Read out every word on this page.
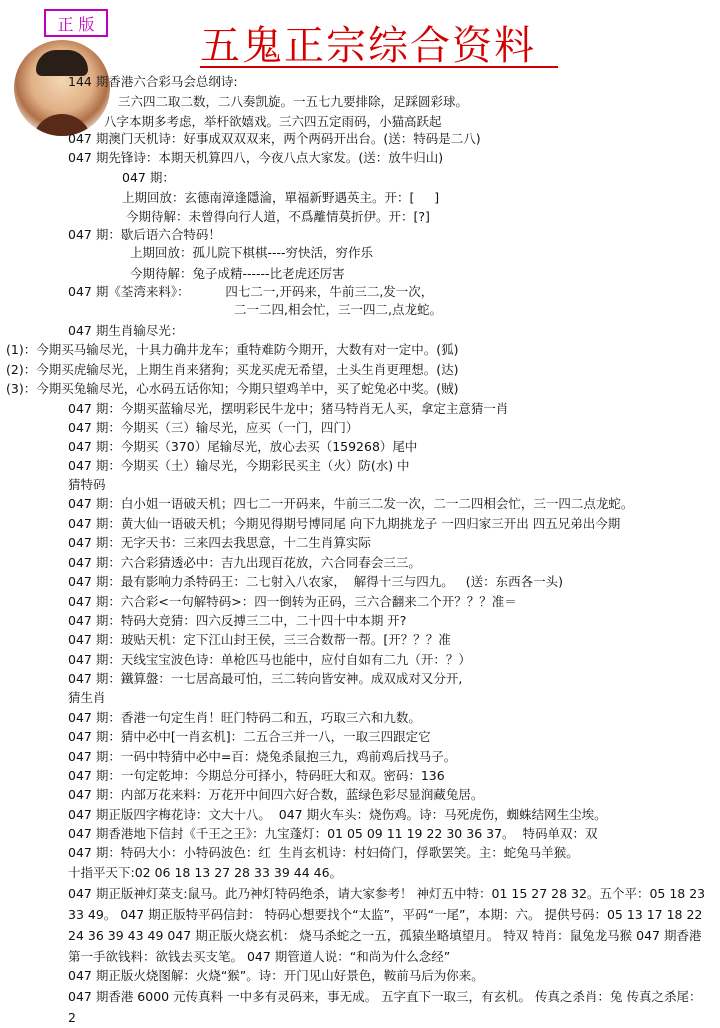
正 版	五鬼正宗综合资料
144 期香港六合彩马会总纲诗:
三六四二取二数，二八奏凯旋。一五七九要排除，足踩圆彩球。
八字本期多考虑，举杆欲嬉戏。三六四五定雨码，小猫高跃起
047 期澳门天机诗：好事成双双双来，两个两码开出台。(送：特码是二八)
047 期先锋诗：本期天机算四八，今夜八点大家发。(送：放牛归山)
047 期：
上期回放：玄德南漳逢隱淪，單福新野遇英主。开：[     ]
今期待解：未曾得向行人道，不爲離情莫折伊。开：[?]
047 期：歇后语六合特码！
上期回放：孤儿院下棋棋----穷快活，穷作乐
今期待解：兔子成精------比老虎还厉害
047 期《荃湾来料》：         四七二一,开码来，牛前三二,发一次，
二一二四,相会忙，三一四二,点龙蛇。
047 期生肖输尽光：
(1)：今期买马输尽光，十具力确井龙车；重特难防今期开，大数有对一定中。(狐)
(2)：今期买虎输尽光，上期生肖来猪狗；买龙买虎无希望，土头生肖更理想。(达)
(3)：今期买兔输尽光，心水码五话你知；今期只望鸡羊中，买了蛇兔必中奖。(贼)
047 期：今期买蓝输尽光，摆明彩民牛龙中；猪马特肖无人买，拿定主意猜一肖
047 期：今期买（三）输尽光，应买（一门，四门）
047 期：今期买（370）尾输尽光，放心去买（159268）尾中
047 期：今期买（土）输尽光，今期彩民买主（火）防(水) 中
猜特码
047 期：白小姐一语破天机；四七二一开码来，牛前三二发一次，二一二四相会忙，三一四二点龙蛇。
047 期：黄大仙一语破天机；今期见得期号博同尾 向下九期挑龙子 一四归家三开出 四五兄弟出今期
047 期：无字天书：三来四去我思意，十二生肖算实际
047 期：六合彩猜透必中：吉九出现百花放，六合同春会三三。
047 期：最有影响力杀特码王：二七射入八农家，  解得十三与四九。   (送：东西各一头)
047 期：六合彩<一句解特码>：四一倒转为正码，三六合翻来二个开？？？准＝
047 期：特码大竞猜：四六反搏三二中，二十四十中本期 开?
047 期：玻贴天机：定下江山封王侯，三三合数帮一帮。[开？？？准
047 期：天线宝宝波色诗：单枪匹马也能中，应付自如有二九（开：？）
047 期：鐵算盤：一七居高最可怕，三二转向皆安神。成双成对又分开,
猜生肖
047 期：香港一句定生肖！旺门特码二和五，巧取三六和九数。
047 期：猜中必中[一肖玄机]：二五合三并一八，一取三四跟定它
047 期：一码中特猜中必中=百：烧兔杀鼠抱三九，鸡前鸡后找马子。
047 期：一句定乾坤：今期总分可择小，特码旺大和双。密码：136
047 期：内部万花来料：万花开中间四六好合数，蓝绿色彩尽显润藏兔居。
047 期正版四字梅花诗：文大十八。  047 期火车头：烧伤鸡。诗：马死虎伤，蜘蛛结网生尘埃。
047 期香港地下信封《千王之王》：九宝蓬灯：01 05 09 11 19 22 30 36 37。  特码单双：双
047 期：特码大小：小特码波色：红  生肖玄机诗：村妇倚门，俘歌罢笑。主：蛇兔马羊猴。
十指平天下:02 06 18 13 27 28 33 39 44 46。
047 期正版神灯菜支:鼠马。此乃神灯特码绝杀，请大家参考！ 神灯五中特：01 15 27 28 32。五个平：05 18 23 33 49。 047 期正版特平码信封： 特码心想要找个“太监”，平码“一尾”，本期：六。 提供号码：05 13 17 18 22 24 36 39 43 49 047 期正版火烧玄机： 烧马杀蛇之一五，孤猿坐略填望月。 特双 特肖：鼠兔龙马猴 047 期香港第一手欲钱料：欲钱去买支笔。 047 期管道人说：“和尚为什么念经”
047 期正版火烧图解：火烧“猴”。诗：开门见山好景色，鞍前马后为你来。
047 期香港 6000 元传真料 一中多有灵码来，事无成。 五字直下一取三，有玄机。 传真之杀肖：兔 传真之杀尾：2
